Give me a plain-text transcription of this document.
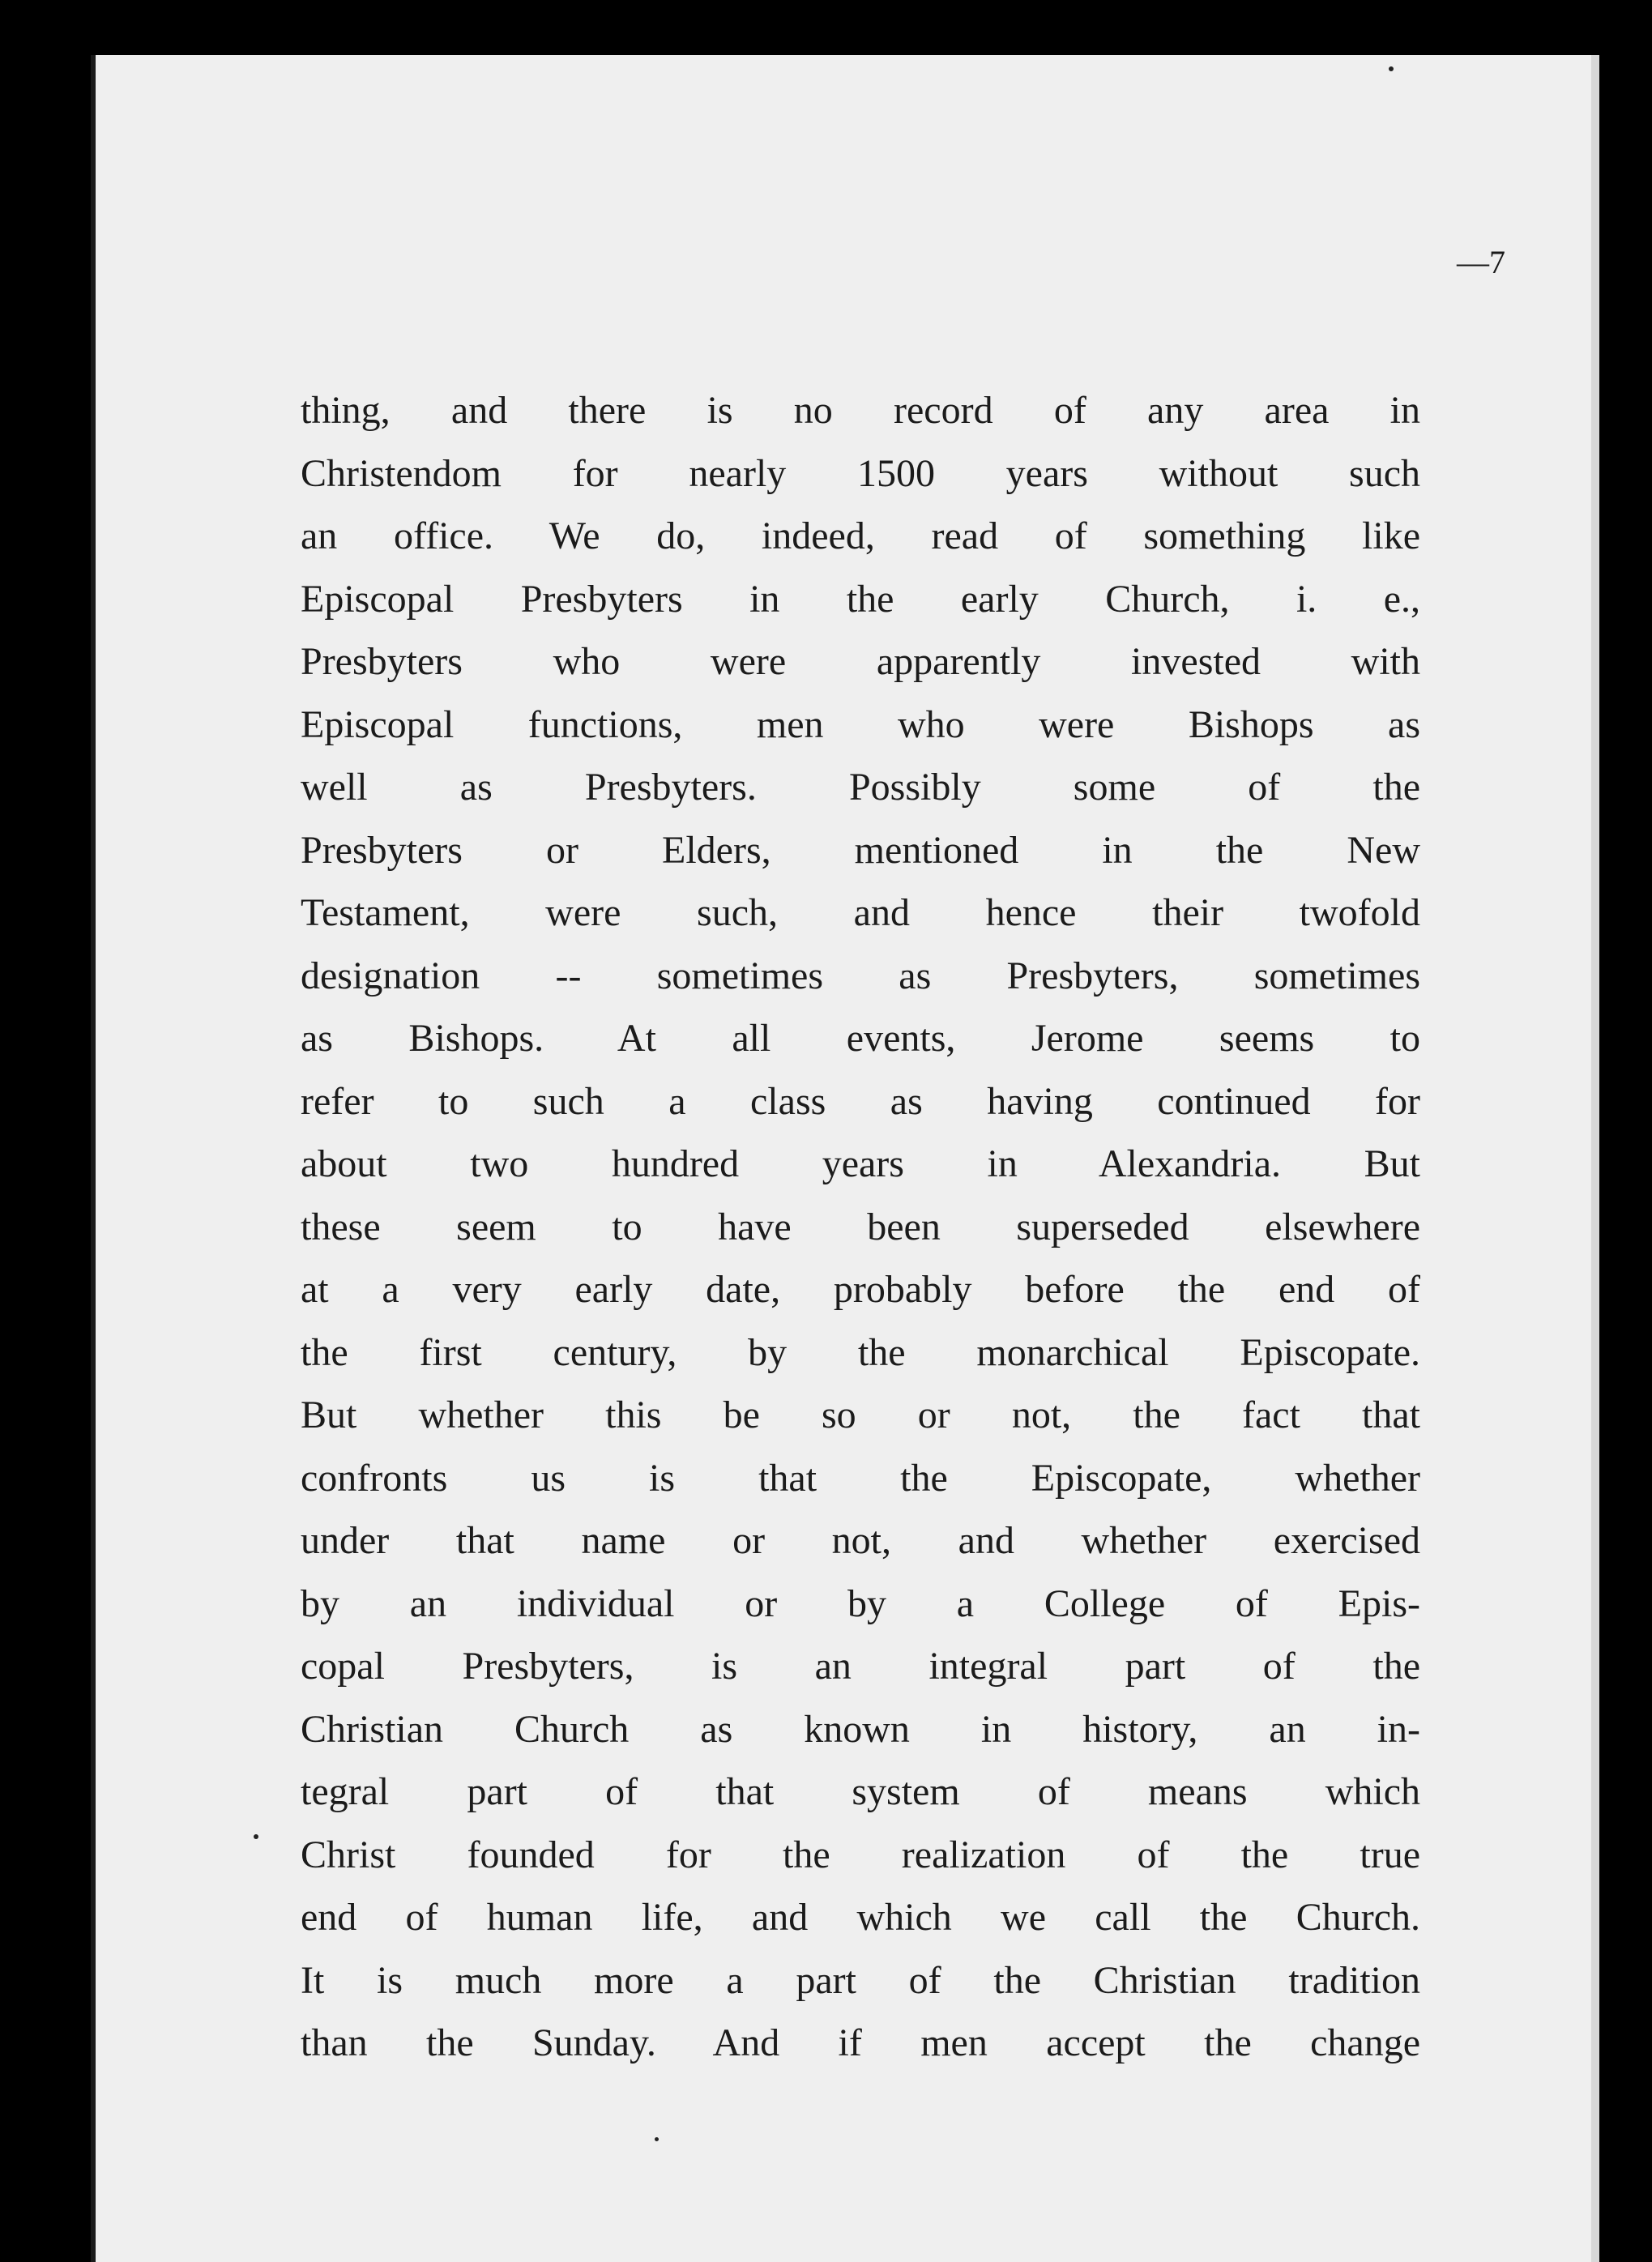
—7
thing, and there is no record of any area in
Christendom for nearly 1500 years without such
an office. We do, indeed, read of something like
Episcopal Presbyters in the early Church, i. e.,
Presbyters who were apparently invested with
Episcopal functions, men who were Bishops as
well as Presbyters. Possibly some of the
Presbyters or Elders, mentioned in the New
Testament, were such, and hence their twofold
designation -- sometimes as Presbyters, sometimes
as Bishops. At all events, Jerome seems to
refer to such a class as having continued for
about two hundred years in Alexandria. But
these seem to have been superseded elsewhere
at a very early date, probably before the end of
the first century, by the monarchical Episcopate.
But whether this be so or not, the fact that
confronts us is that the Episcopate, whether
under that name or not, and whether exercised
by an individual or by a College of Epis-
copal Presbyters, is an integral part of the
Christian Church as known in history, an in-
tegral part of that system of means which
Christ founded for the realization of the true
end of human life, and which we call the Church.
It is much more a part of the Christian tradition
than the Sunday. And if men accept the change
